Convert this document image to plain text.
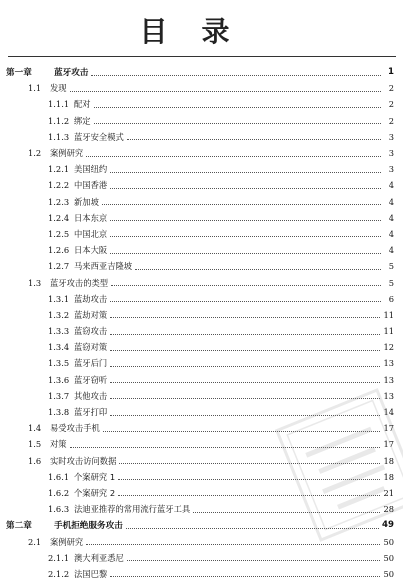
目录
第一章	蓝牙攻击	1
1.1	发现	2
1.1.1 配对	2
1.1.2 绑定	2
1.1.3 蓝牙安全模式	3
1.2	案例研究	3
1.2.1 美国纽约	3
1.2.2 中国香港	4
1.2.3 新加坡	4
1.2.4 日本东京	4
1.2.5 中国北京	4
1.2.6 日本大阪	4
1.2.7 马来西亚吉隆坡	5
1.3	蓝牙攻击的类型	5
1.3.1 蓝劫攻击	6
1.3.2 蓝劫对策	11
1.3.3 蓝窃攻击	11
1.3.4 蓝窃对策	12
1.3.5 蓝牙后门	13
1.3.6 蓝牙窃听	13
1.3.7 其他攻击	13
1.3.8 蓝牙打印	14
1.4	易受攻击手机	17
1.5	对策	17
1.6	实时攻击访问数据	18
1.6.1 个案研究 1	18
1.6.2 个案研究 2	21
1.6.3 法迪亚推荐的常用流行蓝牙工具	28
第二章	手机拒绝服务攻击	49
2.1	案例研究	50
2.1.1 澳大利亚悉尼	50
2.1.2 法国巴黎	50
